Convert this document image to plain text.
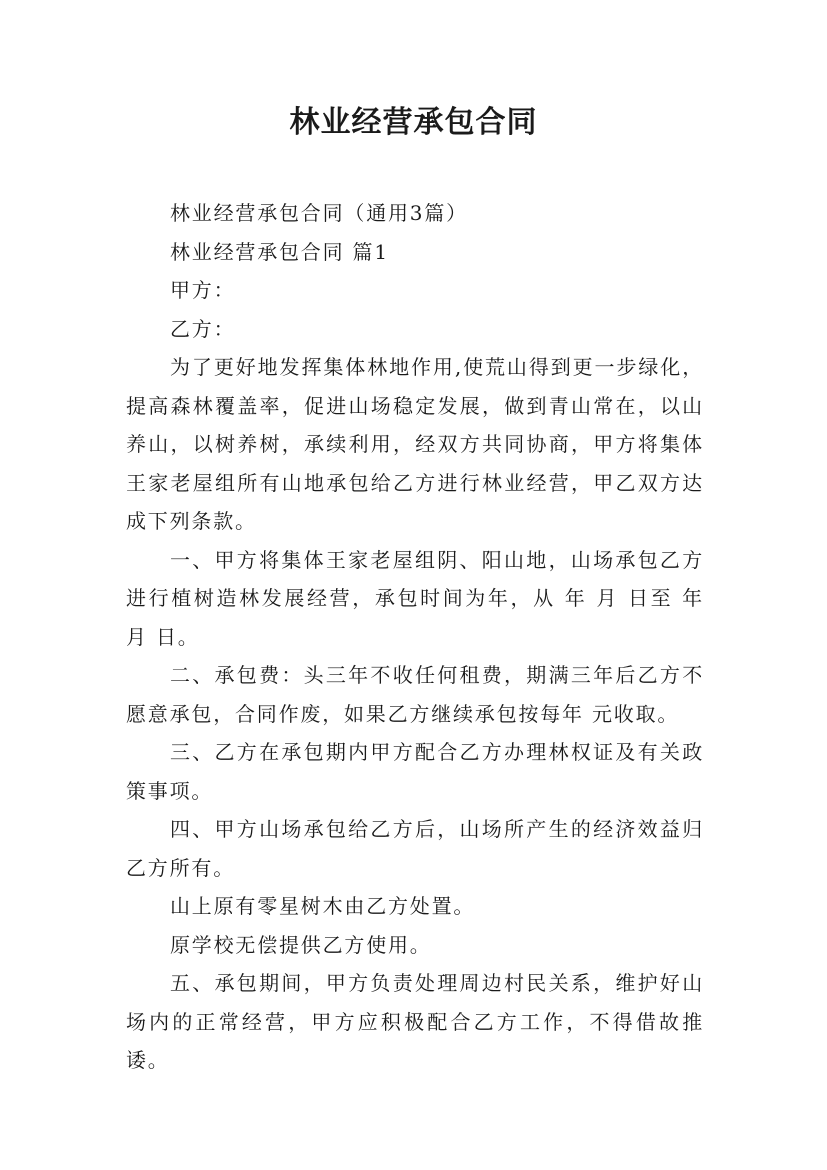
林业经营承包合同

林业经营承包合同（通用3篇）

林业经营承包合同 篇1

甲方：

乙方：

为了更好地发挥集体林地作用,使荒山得到更一步绿化，提高森林覆盖率，促进山场稳定发展，做到青山常在，以山养山，以树养树，承续利用，经双方共同协商，甲方将集体王家老屋组所有山地承包给乙方进行林业经营，甲乙双方达成下列条款。

一、甲方将集体王家老屋组阴、阳山地，山场承包乙方进行植树造林发展经营，承包时间为年，从 年 月 日至 年 月 日。

二、承包费：头三年不收任何租费，期满三年后乙方不愿意承包，合同作废，如果乙方继续承包按每年 元收取。

三、乙方在承包期内甲方配合乙方办理林权证及有关政策事项。

四、甲方山场承包给乙方后，山场所产生的经济效益归乙方所有。

山上原有零星树木由乙方处置。

原学校无偿提供乙方使用。

五、承包期间，甲方负责处理周边村民关系，维护好山场内的正常经营，甲方应积极配合乙方工作，不得借故推诿。
